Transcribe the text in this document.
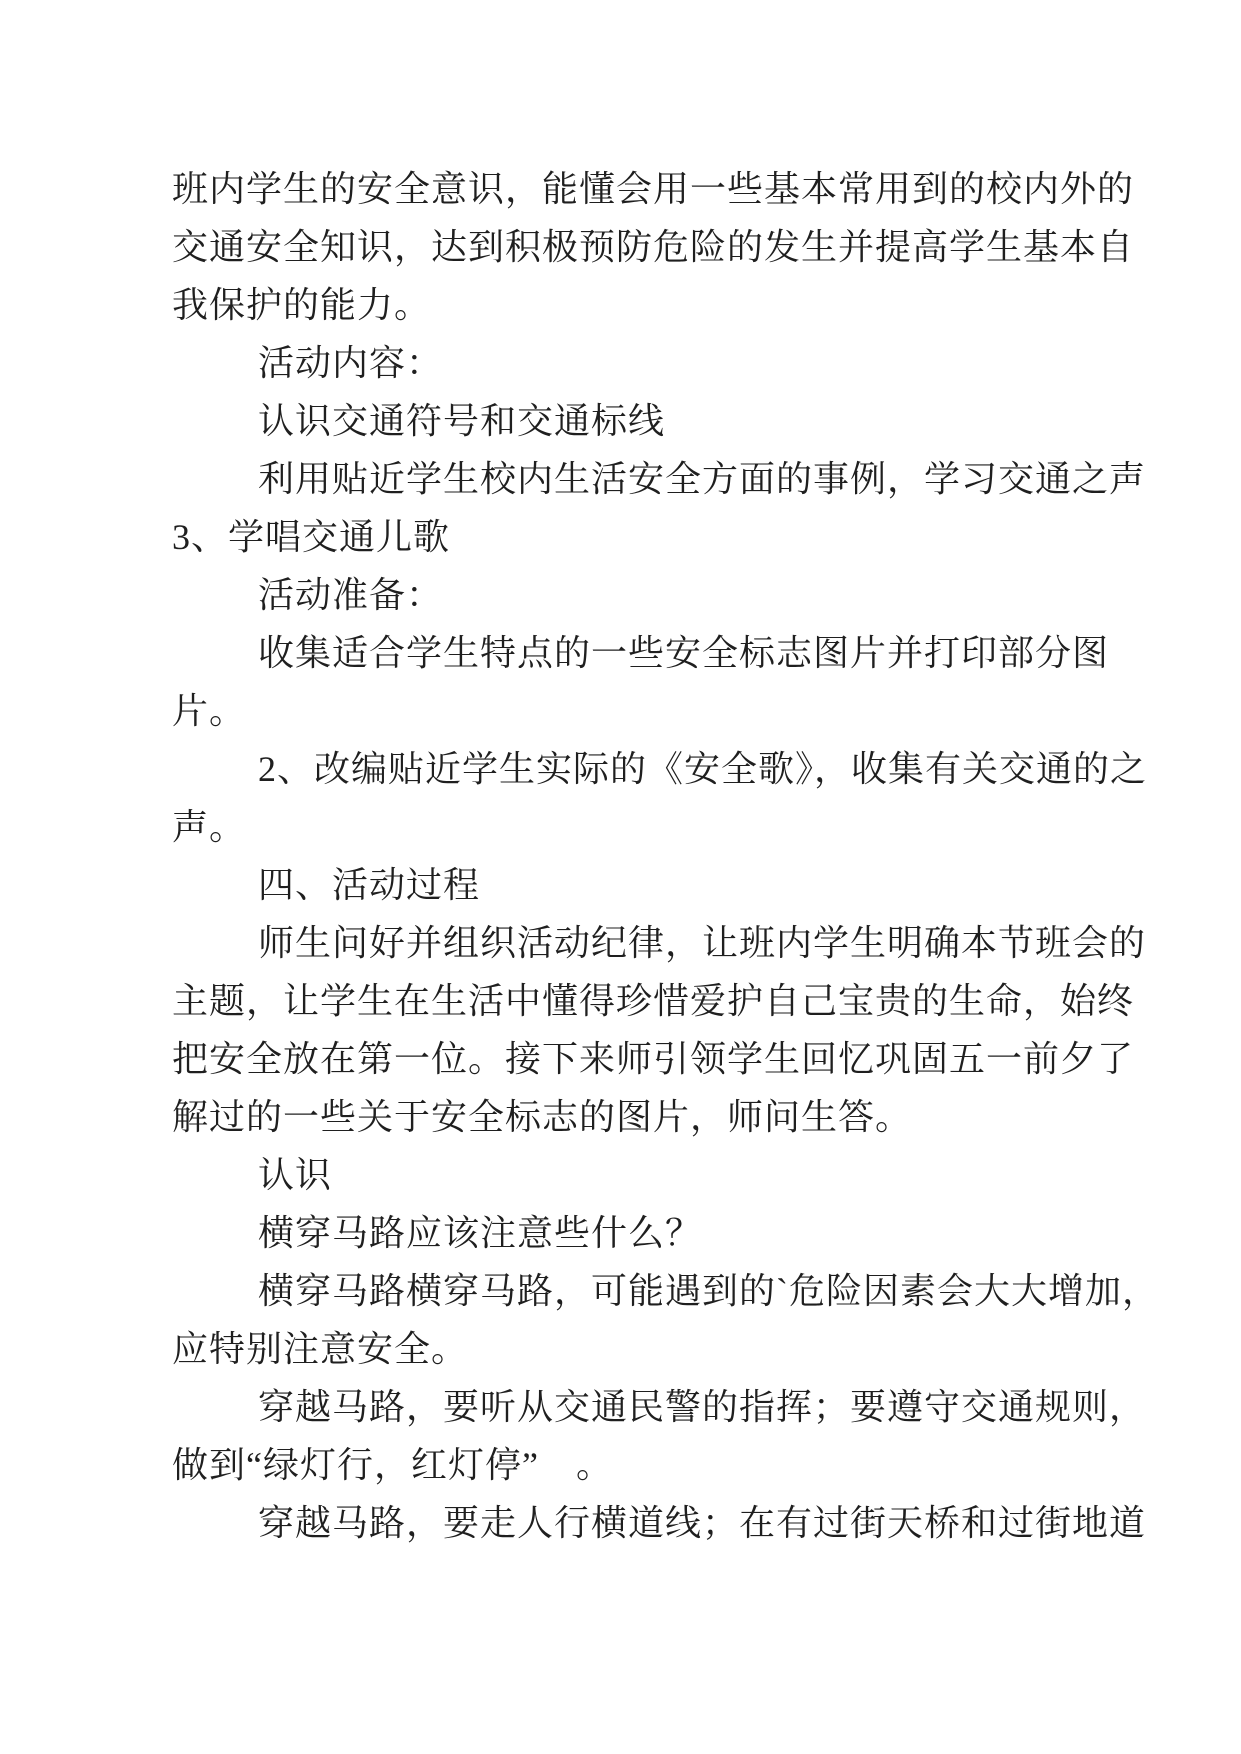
班内学生的安全意识，能懂会用一些基本常用到的校内外的
交通安全知识，达到积极预防危险的发生并提高学生基本自
我保护的能力。
活动内容：
认识交通符号和交通标线
利用贴近学生校内生活安全方面的事例，学习交通之声
3、学唱交通儿歌
活动准备：
收集适合学生特点的一些安全标志图片并打印部分图
片。
2、改编贴近学生实际的《安全歌》，收集有关交通的之
声。
四、活动过程
师生问好并组织活动纪律，让班内学生明确本节班会的
主题，让学生在生活中懂得珍惜爱护自己宝贵的生命，始终
把安全放在第一位。接下来师引领学生回忆巩固五一前夕了
解过的一些关于安全标志的图片，师问生答。
认识
横穿马路应该注意些什么？
横穿马路横穿马路，可能遇到的`危险因素会大大增加，
应特别注意安全。
穿越马路，要听从交通民警的指挥；要遵守交通规则，
做到“绿灯行，红灯停”　。
穿越马路，要走人行横道线；在有过街天桥和过街地道
